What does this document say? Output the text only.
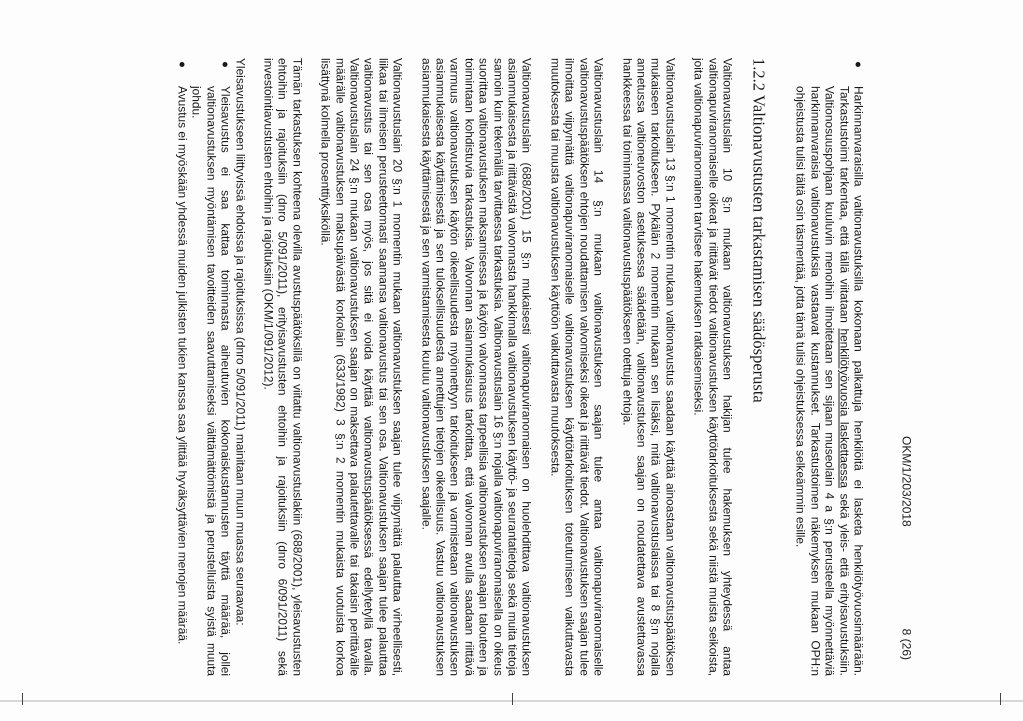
OKM/1/203/2018
8 (26)
Harkinnanvaraisilla valtionavustuksilla kokonaan palkattuja henkilöitä ei lasketa henkilötyövuosimäärään. Tarkastustoimi tarkentaa, että tällä viitataan henkilötyövuosia laskettaessa sekä yleis- että erityisavustuksiin. Valtionosuuspohjaan kuuluvin menoihin ilmoitetaan sen sijaan museolain 4 a §:n perusteella myönnettäviä harkinnanvaraisia valtionavustuksia vastaavat kustannukset. Tarkastustoimen näkemyksen mukaan OPH:n ohjeistusta tulisi tältä osin täsmentää, jotta tämä tulisi ohjeistuksessa selkeämmin esille.
1.2.2 Valtionavustusten tarkastamisen säädösperusta

Valtionavustuslain 10 §:n mukaan valtionavustuksen hakijan tulee hakemuksen yhteydessä antaa valtionapuviranomaiselle oikeat ja riittävät tiedot valtionavustuksen käyttötarkoituksesta sekä niistä muista seikoista, joita valtionapuviranomainen tarvitsee hakemuksen ratkaisemiseksi.

Valtionavustuslain 13 §:n 1 momentin mukaan valtionavustus saadaan käyttää ainoastaan valtionavustuspäätöksen mukaiseen tarkoitukseen. Pykälän 2 momentin mukaan sen lisäksi, mitä valtionavustuslaissa tai 8 §:n nojalla annetussa valtioneuvoston asetuksessa säädetään, valtionavustuksen saajan on noudatettava avustettavassa hankkeessa tai toiminnassa valtionavustuspäätökseen otettuja ehtoja.

Valtionavustuslain 14 §:n mukaan valtionavustuksen saajan tulee antaa valtionapuviranomaiselle valtionavustuspäätöksen ehtojen noudattamisen valvomiseksi oikeat ja riittävät tiedot. Valtionavustuksen saajan tulee ilmoittaa viipymättä valtionapuviranomaiselle valtionavustuksen käyttötarkoituksen toteutumiseen vaikuttavasta muutoksesta tai muusta valtionavustuksen käyttöön vaikuttavasta muutoksesta.

Valtionavustuslain (688/2001) 15 §:n mukaisesti valtionapuviranomaisen on huolehdittava valtionavustuksen asianmukaisesta ja riittävästä valvonnasta hankkimalla valtionavustuksen käyttö- ja seurantatietoja sekä muita tietoja samoin kuin tekemällä tarvittaessa tarkastuksia. Valtionavustuslain 16 §:n nojalla valtionapuviranomaisella on oikeus suorittaa valtionavustuksen maksamisessa ja käytön valvonnassa tarpeellisia valtionavustuksen saajan talouteen ja toimintaan kohdistuvia tarkastuksia. Valvonnan asianmukaisuus tarkoittaa, että valvonnan avulla saadaan riittävä varmuus valtionavustuksen käytön oikeellisuudesta myönnettyyn tarkoitukseen ja varmistetaan valtionavustuksen asianmukaisesta käyttämisestä ja sen tuloksellisuudesta annettujen tietojen oikeellisuus. Vastuu valtionavustuksen asianmukaisesta käyttämisestä ja sen varmistamisesta kuuluu valtionavustuksen saajalle.

Valtionavustuslain 20 §:n 1 momentin mukaan valtionavustuksen saajan tulee viipymättä palauttaa virheellisesti, liikaa tai ilmeisen perusteettomasti saamansa valtionavustus tai sen osa. Valtionavustuksen saajan tulee palauttaa valtionavustus tai sen osa myös, jos sitä ei voida käyttää valtionavustuspäätöksessä edellytetyllä tavalla. Valtionavustuslain 24 §:n mukaan valtionavustuksen saajan on maksettava palautettavalle tai takaisin perittävälle määrälle valtionavustuksen maksupäivästä korkolain (633/1982) 3 §:n 2 momentin mukaista vuotuista korkoa lisättynä kolmella prosenttiyksiköllä.

Tämän tarkastuksen kohteena olevilla avustuspäätöksillä on viitattu valtionavustuslakiin (688/2001), yleisavustusten ehtoihin ja rajoituksiin (dnro 5/091/2011), erityisavustusten ehtoihin ja rajoituksiin (dnro 6/091/2011) sekä investointiavustusten ehtoihin ja rajoituksiin (OKM/1/091/2012).

Yleisavustukseen liittyvissä ehdoissa ja rajoituksissa (dnro 5/091/2011) mainitaan muun muassa seuraavaa:

Yleisavustus ei saa kattaa toiminnasta aiheutuvien kokonaiskustannusten täyttä määrää, jollei valtionavustuksen myöntämisen tavoitteiden saavuttamiseksi välttämättömistä ja perustelluista syistä muuta johdu.
Avustus ei myöskään yhdessä muiden julkisten tukien kanssa saa ylittää hyväksyttävien menojen määrää.
